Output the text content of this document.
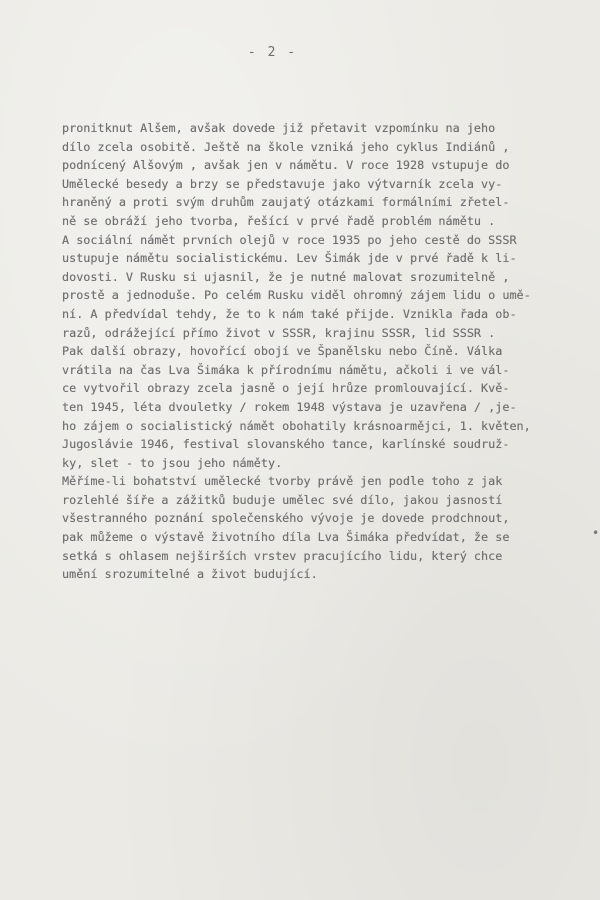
- 2 -
pronitknut Alšem, avšak dovede již přetavit vzpomínku na jeho
dílo zcela osobitě. Ještě na škole vzniká jeho cyklus Indiánů ,
podnícený Alšovým , avšak jen v námětu. V roce 1928 vstupuje do
Umělecké besedy a brzy se představuje jako výtvarník zcela vy-
hraněný a proti svým druhům zaujatý otázkami formálními zřetel-
ně se obráží jeho tvorba, řešící v prvé řadě problém námětu .
A sociální námět prvních olejů v roce 1935 po jeho cestě do SSSR
ustupuje námětu socialistickému. Lev Šimák jde v prvé řadě k li-
dovosti. V Rusku si ujasnil, že je nutné malovat srozumitelně ,
prostě a jednoduše. Po celém Rusku viděl ohromný zájem lidu o umě-
ní. A předvídal tehdy, že to k nám také přijde. Vznikla řada ob-
razů, odrážející přímo život v SSSR, krajinu SSSR, lid SSSR .
Pak další obrazy, hovořící obojí ve Španělsku nebo Číně. Válka
vrátila na čas Lva Šimáka k přírodnímu námětu, ačkoli i ve vál-
ce vytvořil obrazy zcela jasně o její hrůze promlouvající. Kvě-
ten 1945, léta dvouletky / rokem 1948 výstava je uzavřena / ,je-
ho zájem o socialistický námět obohatily krásnoarmějci, 1. květen,
Jugoslávie 1946, festival slovanského tance, karlínské soudruž-
ky, slet - to jsou jeho náměty.
Měříme-li bohatství umělecké tvorby právě jen podle toho z jak
rozlehlé šíře a zážitků buduje umělec své dílo, jakou jasností
všestranného poznání společenského vývoje je dovede prodchnout,
pak můžeme o výstavě životního díla Lva Šimáka předvídat, že se
setká s ohlasem nejširších vrstev pracujícího lidu, který chce
umění srozumitelné a život budující.
•
